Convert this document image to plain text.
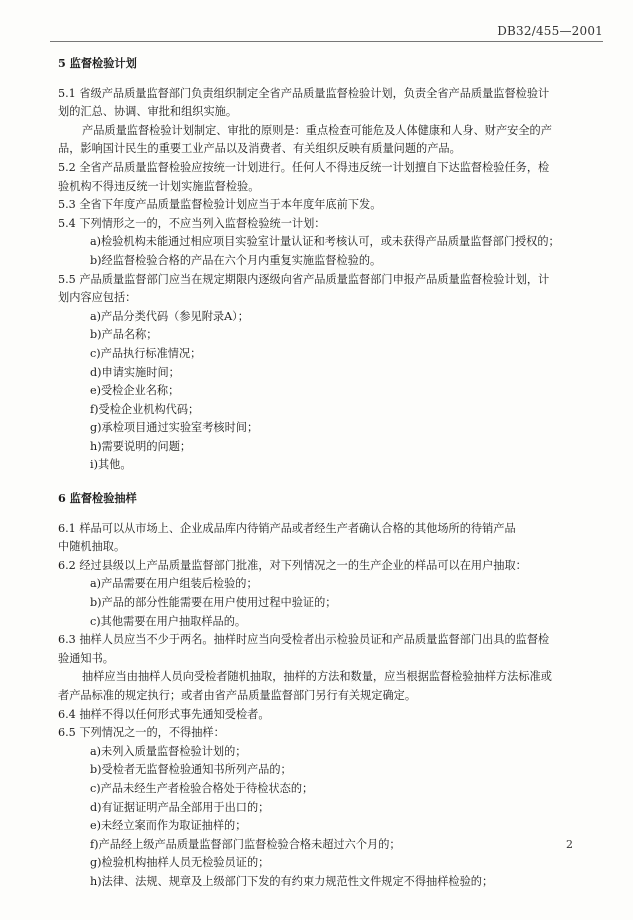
DB32/455—2001
5 监督检验计划
5.1 省级产品质量监督部门负责组织制定全省产品质量监督检验计划，负责全省产品质量监督检验计
划的汇总、协调、审批和组织实施。
产品质量监督检验计划制定、审批的原则是：重点检查可能危及人体健康和人身、财产安全的产
品，影响国计民生的重要工业产品以及消费者、有关组织反映有质量问题的产品。
5.2 全省产品质量监督检验应按统一计划进行。任何人不得违反统一计划擅自下达监督检验任务，检
验机构不得违反统一计划实施监督检验。
5.3 全省下年度产品质量监督检验计划应当于本年度年底前下发。
5.4 下列情形之一的，不应当列入监督检验统一计划：
a)检验机构未能通过相应项目实验室计量认证和考核认可，或未获得产品质量监督部门授权的；
b)经监督检验合格的产品在六个月内重复实施监督检验的。
5.5 产品质量监督部门应当在规定期限内逐级向省产品质量监督部门申报产品质量监督检验计划，计
划内容应包括：
a)产品分类代码（参见附录A）；
b)产品名称；
c)产品执行标准情况；
d)申请实施时间；
e)受检企业名称；
f)受检企业机构代码；
g)承检项目通过实验室考核时间；
h)需要说明的问题；
i)其他。
6 监督检验抽样
6.1 样品可以从市场上、企业成品库内待销产品或者经生产者确认合格的其他场所的待销产品
中随机抽取。
6.2 经过县级以上产品质量监督部门批准，对下列情况之一的生产企业的样品可以在用户抽取：
a)产品需要在用户组装后检验的；
b)产品的部分性能需要在用户使用过程中验证的；
c)其他需要在用户抽取样品的。
6.3 抽样人员应当不少于两名。抽样时应当向受检者出示检验员证和产品质量监督部门出具的监督检
验通知书。
抽样应当由抽样人员向受检者随机抽取，抽样的方法和数量，应当根据监督检验抽样方法标准或
者产品标准的规定执行；或者由省产品质量监督部门另行有关规定确定。
6.4 抽样不得以任何形式事先通知受检者。
6.5 下列情况之一的，不得抽样：
a)未列入质量监督检验计划的；
b)受检者无监督检验通知书所列产品的；
c)产品未经生产者检验合格处于待检状态的；
d)有证据证明产品全部用于出口的；
e)未经立案而作为取证抽样的；
f)产品经上级产品质量监督部门监督检验合格未超过六个月的；
g)检验机构抽样人员无检验员证的；
h)法律、法规、规章及上级部门下发的有约束力规范性文件规定不得抽样检验的；
2
